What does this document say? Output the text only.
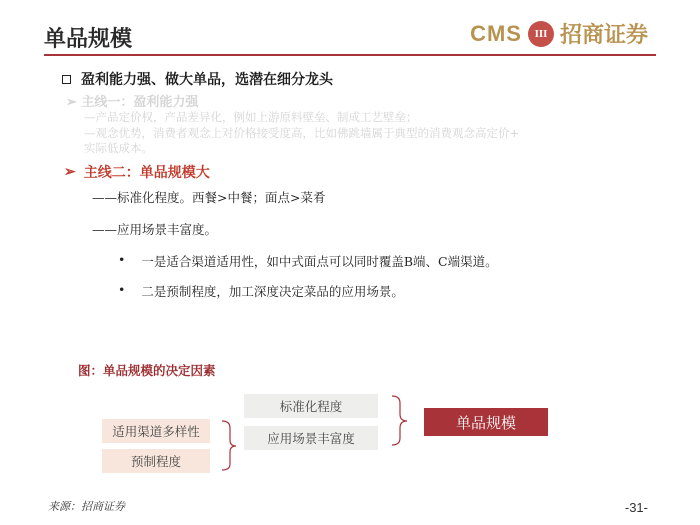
单品规模	CMS	III 招商证券
盈利能力强、做大单品，选潜在细分龙头
➢ 主线一：盈利能力强
—产品定价权，产品差异化，例如上游原料壁垒、制成工艺壁垒；
—观念优势，消费者观念上对价格接受度高，比如佛跳墙属于典型的消费观念高定价+
实际低成本。
➢ 主线二：单品规模大
——标准化程度。西餐>中餐；面点>菜肴
——应用场景丰富度。
• 一是适合渠道适用性，如中式面点可以同时覆盖B端、C端渠道。
• 二是预制程度，加工深度决定菜品的应用场景。
图：单品规模的决定因素
标准化程度
应用场景丰富度
适用渠道多样性
预制程度
单品规模
来源：招商证券	-31-
